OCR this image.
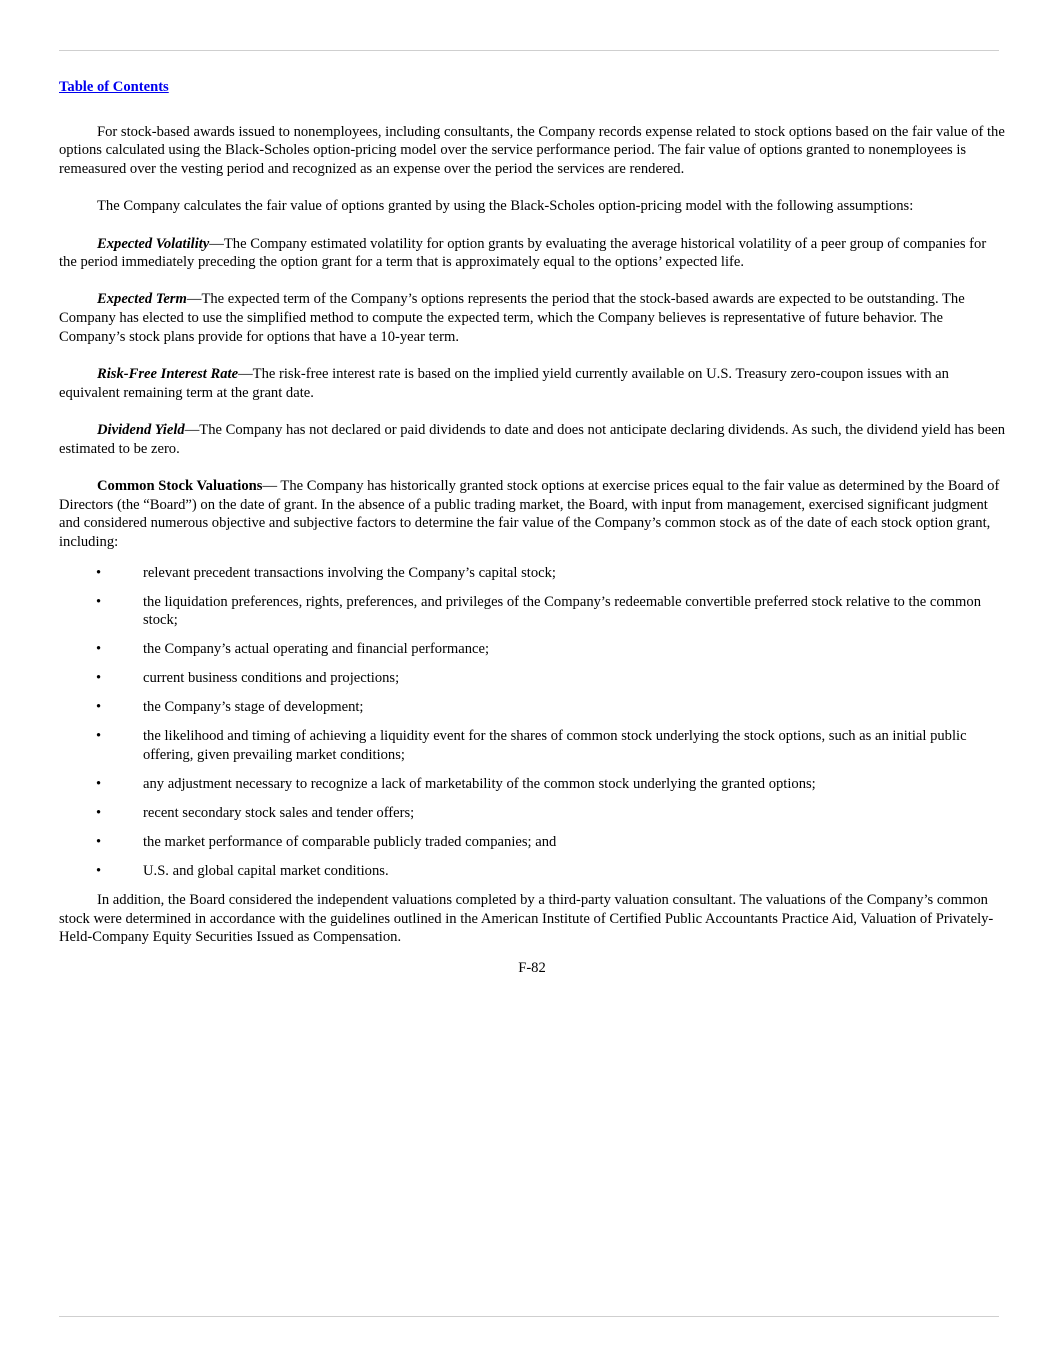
Table of Contents

For stock-based awards issued to nonemployees, including consultants, the Company records expense related to stock options based on the fair value of the options calculated using the Black-Scholes option-pricing model over the service performance period. The fair value of options granted to nonemployees is remeasured over the vesting period and recognized as an expense over the period the services are rendered.

The Company calculates the fair value of options granted by using the Black-Scholes option-pricing model with the following assumptions:

Expected Volatility—The Company estimated volatility for option grants by evaluating the average historical volatility of a peer group of companies for the period immediately preceding the option grant for a term that is approximately equal to the options’ expected life.

Expected Term—The expected term of the Company’s options represents the period that the stock-based awards are expected to be outstanding. The Company has elected to use the simplified method to compute the expected term, which the Company believes is representative of future behavior. The Company’s stock plans provide for options that have a 10-year term.

Risk-Free Interest Rate—The risk-free interest rate is based on the implied yield currently available on U.S. Treasury zero-coupon issues with an equivalent remaining term at the grant date.

Dividend Yield—The Company has not declared or paid dividends to date and does not anticipate declaring dividends. As such, the dividend yield has been estimated to be zero.

Common Stock Valuations— The Company has historically granted stock options at exercise prices equal to the fair value as determined by the Board of Directors (the “Board”) on the date of grant. In the absence of a public trading market, the Board, with input from management, exercised significant judgment and considered numerous objective and subjective factors to determine the fair value of the Company’s common stock as of the date of each stock option grant, including:

•	relevant precedent transactions involving the Company’s capital stock;
•	the liquidation preferences, rights, preferences, and privileges of the Company’s redeemable convertible preferred stock relative to the common stock;
•	the Company’s actual operating and financial performance;
•	current business conditions and projections;
•	the Company’s stage of development;
•	the likelihood and timing of achieving a liquidity event for the shares of common stock underlying the stock options, such as an initial public offering, given prevailing market conditions;
•	any adjustment necessary to recognize a lack of marketability of the common stock underlying the granted options;
•	recent secondary stock sales and tender offers;
•	the market performance of comparable publicly traded companies; and
•	U.S. and global capital market conditions.

In addition, the Board considered the independent valuations completed by a third-party valuation consultant. The valuations of the Company’s common stock were determined in accordance with the guidelines outlined in the American Institute of Certified Public Accountants Practice Aid, Valuation of Privately-Held-Company Equity Securities Issued as Compensation.

F-82
